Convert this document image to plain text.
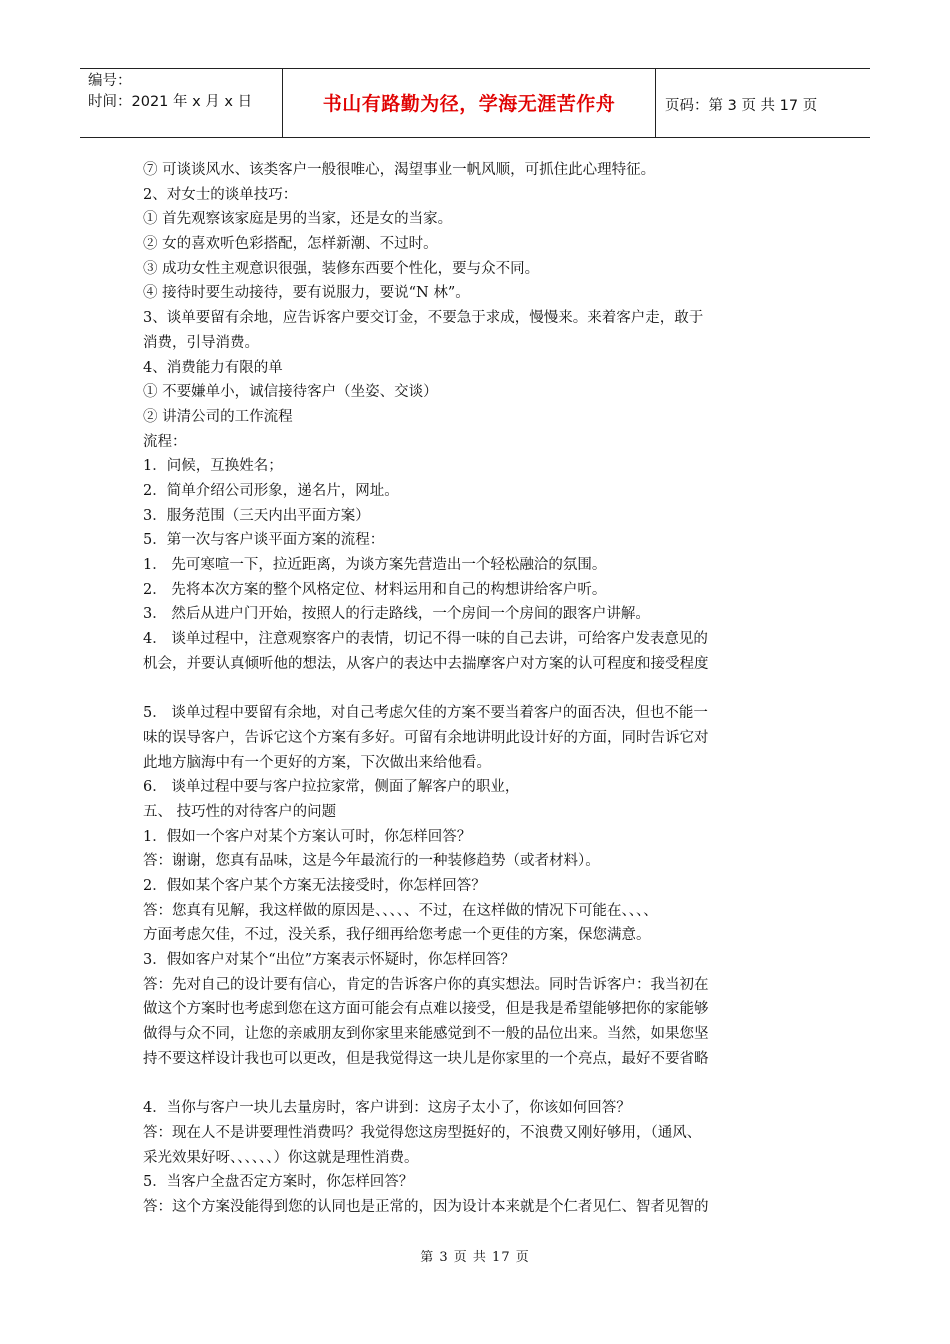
编号：
时间：2021 年 x 月 x 日	书山有路勤为径，学海无涯苦作舟	页码：第 3 页 共 17 页
⑦ 可谈谈风水、该类客户一般很唯心，渴望事业一帆风顺，可抓住此心理特征。
2、对女士的谈单技巧：
① 首先观察该家庭是男的当家，还是女的当家。
② 女的喜欢听色彩搭配，怎样新潮、不过时。
③ 成功女性主观意识很强，装修东西要个性化，要与众不同。
④ 接待时要生动接待，要有说服力，要说“N 林”。
3、谈单要留有余地，应告诉客户要交订金，不要急于求成，慢慢来。来着客户走，敢于
消费，引导消费。
4、消费能力有限的单
① 不要嫌单小，诚信接待客户（坐姿、交谈）
② 讲清公司的工作流程
流程：
1．问候，互换姓名；
2．简单介绍公司形象，递名片，网址。
3．服务范围（三天内出平面方案）
5．第一次与客户谈平面方案的流程：
1． 先可寒喧一下，拉近距离，为谈方案先营造出一个轻松融洽的氛围。
2． 先将本次方案的整个风格定位、材料运用和自己的构想讲给客户听。
3． 然后从进户门开始，按照人的行走路线，一个房间一个房间的跟客户讲解。
4． 谈单过程中，注意观察客户的表情，切记不得一味的自己去讲，可给客户发表意见的
机会，并要认真倾听他的想法，从客户的表达中去揣摩客户对方案的认可程度和接受程度
5． 谈单过程中要留有余地，对自己考虑欠佳的方案不要当着客户的面否决，但也不能一
味的误导客户，告诉它这个方案有多好。可留有余地讲明此设计好的方面，同时告诉它对
此地方脑海中有一个更好的方案，下次做出来给他看。
6． 谈单过程中要与客户拉拉家常，侧面了解客户的职业，
五、 技巧性的对待客户的问题
1．假如一个客户对某个方案认可时，你怎样回答？
答：谢谢，您真有品味，这是今年最流行的一种装修趋势（或者材料）。
2．假如某个客户某个方案无法接受时，你怎样回答？
答：您真有见解，我这样做的原因是、、、、、不过，在这样做的情况下可能在、、、、
方面考虑欠佳，不过，没关系，我仔细再给您考虑一个更佳的方案，保您满意。
3．假如客户对某个“出位”方案表示怀疑时，你怎样回答？
答：先对自己的设计要有信心，肯定的告诉客户你的真实想法。同时告诉客户：我当初在
做这个方案时也考虑到您在这方面可能会有点难以接受，但是我是希望能够把你的家能够
做得与众不同，让您的亲戚朋友到你家里来能感觉到不一般的品位出来。当然，如果您坚
持不要这样设计我也可以更改，但是我觉得这一块儿是你家里的一个亮点，最好不要省略
4．当你与客户一块儿去量房时，客户讲到：这房子太小了，你该如何回答？
答：现在人不是讲要理性消费吗？我觉得您这房型挺好的，不浪费又刚好够用，（通风、
采光效果好呀、、、、、、）你这就是理性消费。
5．当客户全盘否定方案时，你怎样回答？
答：这个方案没能得到您的认同也是正常的，因为设计本来就是个仁者见仁、智者见智的
第 3 页 共 17 页
